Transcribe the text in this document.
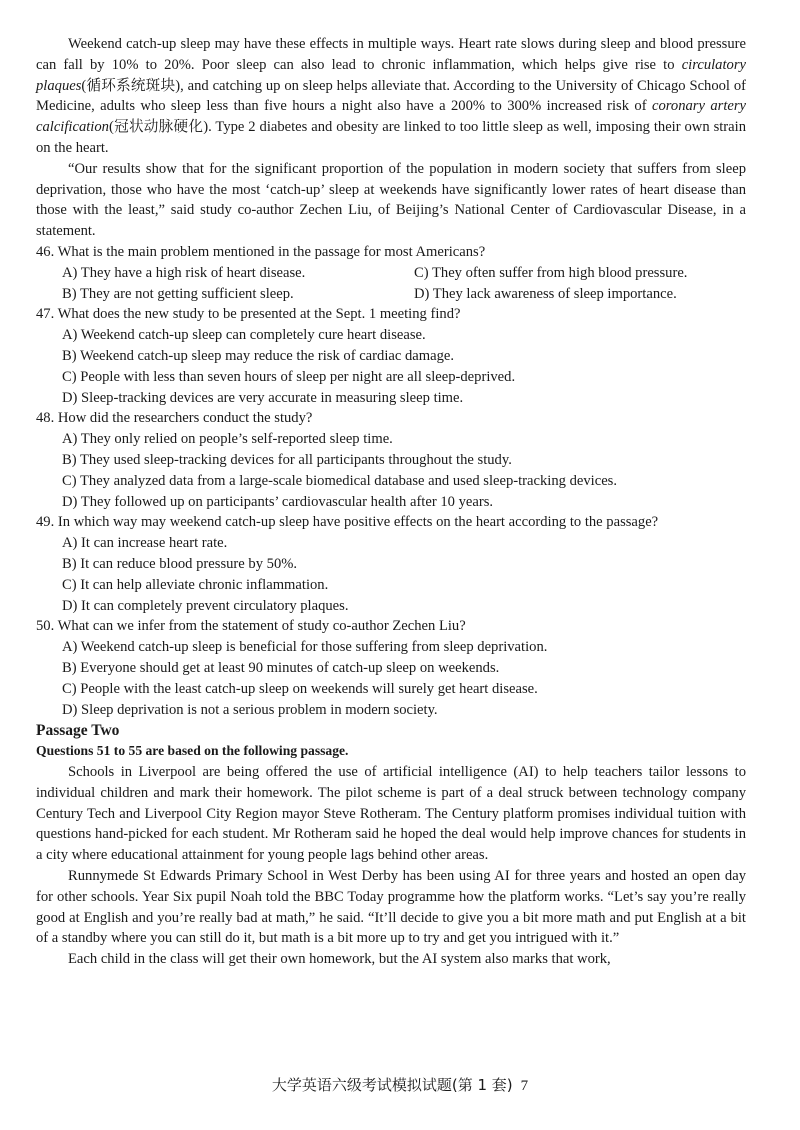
Weekend catch-up sleep may have these effects in multiple ways. Heart rate slows during sleep and blood pressure can fall by 10% to 20%. Poor sleep can also lead to chronic inflammation, which helps give rise to circulatory plaques(循环系统斑块), and catching up on sleep helps alleviate that. According to the University of Chicago School of Medicine, adults who sleep less than five hours a night also have a 200% to 300% increased risk of coronary artery calcification(冠状动脉硬化). Type 2 diabetes and obesity are linked to too little sleep as well, imposing their own strain on the heart.

“Our results show that for the significant proportion of the population in modern society that suffers from sleep deprivation, those who have the most ‘catch-up’ sleep at weekends have significantly lower rates of heart disease than those with the least,” said study co-author Zechen Liu, of Beijing’s National Center of Cardiovascular Disease, in a statement.

46. What is the main problem mentioned in the passage for most Americans?

A) They have a high risk of heart disease.	C) They often suffer from high blood pressure.
B) They are not getting sufficient sleep.	D) They lack awareness of sleep importance.

47. What does the new study to be presented at the Sept. 1 meeting find?

A) Weekend catch-up sleep can completely cure heart disease.

B) Weekend catch-up sleep may reduce the risk of cardiac damage.

C) People with less than seven hours of sleep per night are all sleep-deprived.

D) Sleep-tracking devices are very accurate in measuring sleep time.

48. How did the researchers conduct the study?

A) They only relied on people’s self-reported sleep time.

B) They used sleep-tracking devices for all participants throughout the study.

C) They analyzed data from a large-scale biomedical database and used sleep-tracking devices.

D) They followed up on participants’ cardiovascular health after 10 years.

49. In which way may weekend catch-up sleep have positive effects on the heart according to the passage?

A) It can increase heart rate.

B) It can reduce blood pressure by 50%.

C) It can help alleviate chronic inflammation.

D) It can completely prevent circulatory plaques.

50. What can we infer from the statement of study co-author Zechen Liu?

A) Weekend catch-up sleep is beneficial for those suffering from sleep deprivation.

B) Everyone should get at least 90 minutes of catch-up sleep on weekends.

C) People with the least catch-up sleep on weekends will surely get heart disease.

D) Sleep deprivation is not a serious problem in modern society.

Passage Two

Questions 51 to 55 are based on the following passage.

Schools in Liverpool are being offered the use of artificial intelligence (AI) to help teachers tailor lessons to individual children and mark their homework. The pilot scheme is part of a deal struck between technology company Century Tech and Liverpool City Region mayor Steve Rotheram. The Century platform promises individual tuition with questions hand-picked for each student. Mr Rotheram said he hoped the deal would help improve chances for students in a city where educational attainment for young people lags behind other areas.

Runnymede St Edwards Primary School in West Derby has been using AI for three years and hosted an open day for other schools. Year Six pupil Noah told the BBC Today programme how the platform works. “Let’s say you’re really good at English and you’re really bad at math,” he said. “It’ll decide to give you a bit more math and put English at a bit of a standby where you can still do it, but math is a bit more up to try and get you intrigued with it.”

Each child in the class will get their own homework, but the AI system also marks that work,

大学英语六级考试模拟试题(第 1 套) 7
